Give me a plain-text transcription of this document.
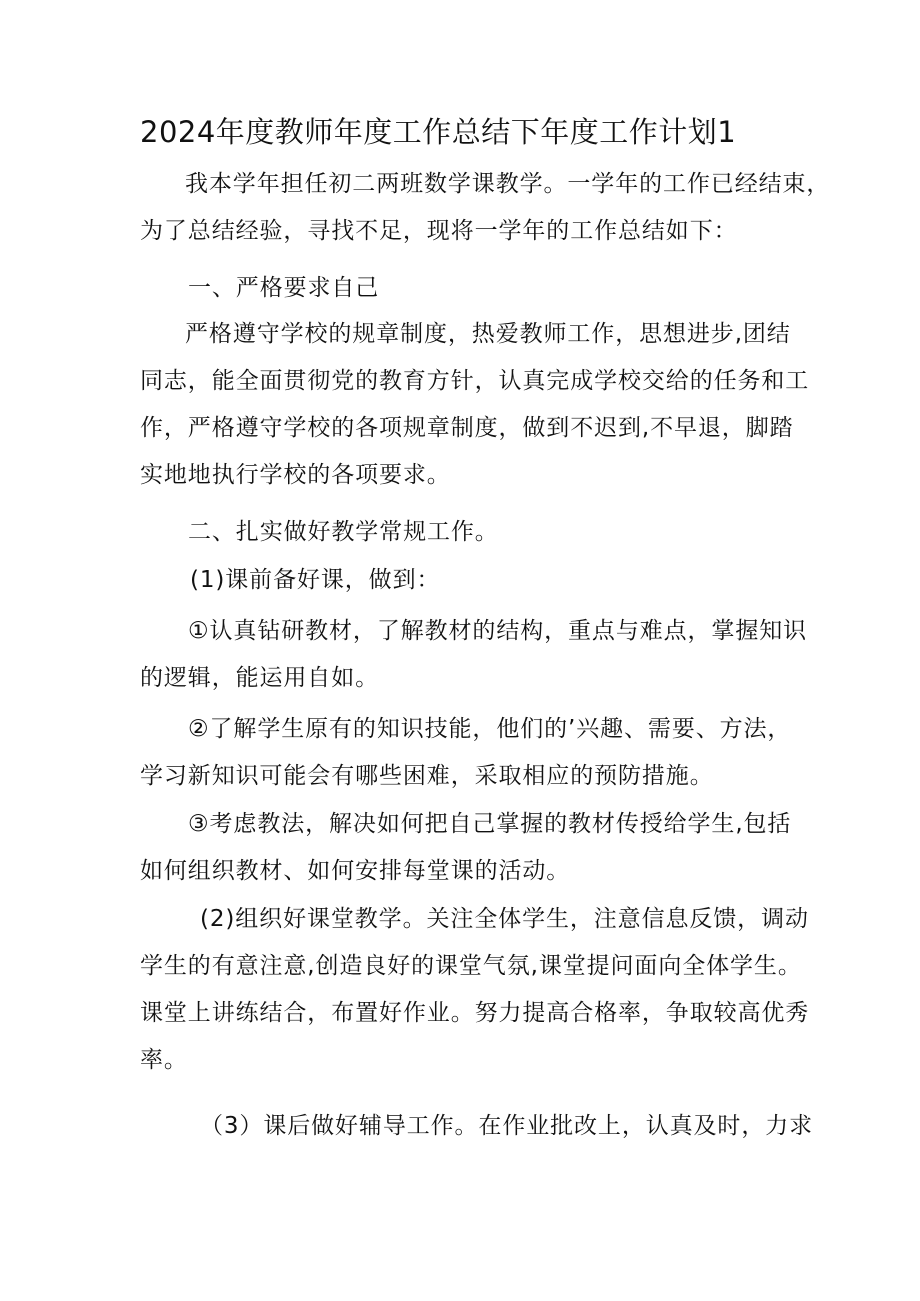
2024年度教师年度工作总结下年度工作计划1
我本学年担任初二两班数学课教学。一学年的工作已经结束，
为了总结经验，寻找不足，现将一学年的工作总结如下：
一、严格要求自己
严格遵守学校的规章制度，热爱教师工作，思想进步,团结
同志，能全面贯彻党的教育方针，认真完成学校交给的任务和工
作，严格遵守学校的各项规章制度，做到不迟到,不早退，脚踏
实地地执行学校的各项要求。
二、扎实做好教学常规工作。
(1)课前备好课，做到：
①认真钻研教材，了解教材的结构，重点与难点，掌握知识
的逻辑，能运用自如。
②了解学生原有的知识技能，他们的’兴趣、需要、方法，
学习新知识可能会有哪些困难，采取相应的预防措施。
③考虑教法，解决如何把自己掌握的教材传授给学生,包括
如何组织教材、如何安排每堂课的活动。
(2)组织好课堂教学。关注全体学生，注意信息反馈，调动
学生的有意注意,创造良好的课堂气氛,课堂提问面向全体学生。
课堂上讲练结合，布置好作业。努力提高合格率，争取较高优秀
率。
（3）课后做好辅导工作。在作业批改上，认真及时，力求
